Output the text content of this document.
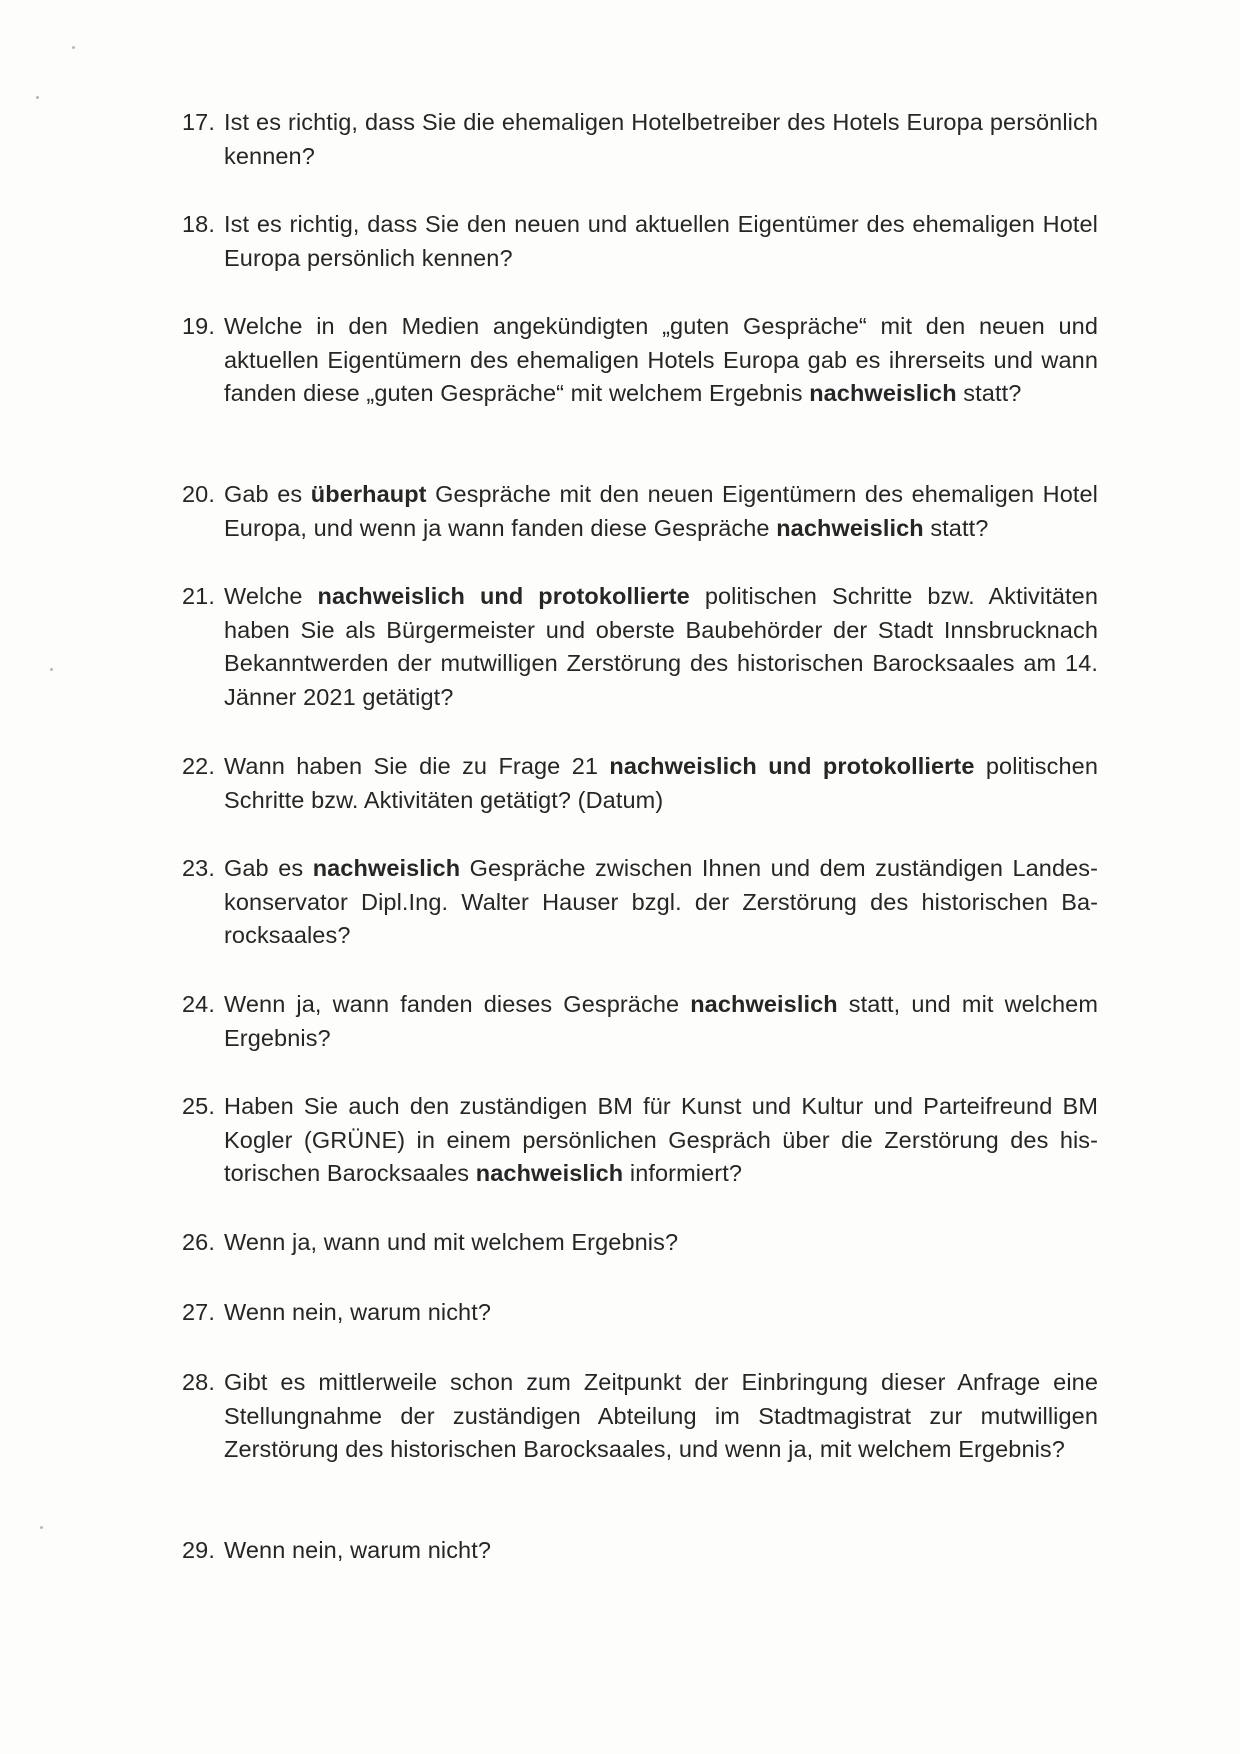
17. Ist es richtig, dass Sie die ehemaligen Hotelbetreiber des Hotels Europa persönlich kennen?
18. Ist es richtig, dass Sie den neuen und aktuellen Eigentümer des ehemaligen Hotel Europa persönlich kennen?
19. Welche in den Medien angekündigten „guten Gespräche“ mit den neuen und aktuellen Eigentümern des ehemaligen Hotels Europa gab es ihrerseits und wann fanden diese „guten Gespräche“ mit welchem Ergebnis nachweislich statt?
20. Gab es überhaupt Gespräche mit den neuen Eigentümern des ehemaligen Hotel Europa, und wenn ja wann fanden diese Gespräche nachweislich statt?
21. Welche nachweislich und protokollierte politischen Schritte bzw. Aktivitäten haben Sie als Bürgermeister und oberste Baubehörder der Stadt Innsbrucknach Bekanntwerden der mutwilligen Zerstörung des historischen Barocksaales am 14. Jänner 2021 getätigt?
22. Wann haben Sie die zu Frage 21 nachweislich und protokollierte politischen Schritte bzw. Aktivitäten getätigt? (Datum)
23. Gab es nachweislich Gespräche zwischen Ihnen und dem zuständigen Landeskonservator Dipl.Ing. Walter Hauser bzgl. der Zerstörung des historischen Barocksaales?
24. Wenn ja, wann fanden dieses Gespräche nachweislich statt, und mit welchem Ergebnis?
25. Haben Sie auch den zuständigen BM für Kunst und Kultur und Parteifreund BM Kogler (GRÜNE) in einem persönlichen Gespräch über die Zerstörung des historischen Barocksaales nachweislich informiert?
26. Wenn ja, wann und mit welchem Ergebnis?
27. Wenn nein, warum nicht?
28. Gibt es mittlerweile schon zum Zeitpunkt der Einbringung dieser Anfrage eine Stellungnahme der zuständigen Abteilung im Stadtmagistrat zur mutwilligen Zerstörung des historischen Barocksaales, und wenn ja, mit welchem Ergebnis?
29. Wenn nein, warum nicht?
